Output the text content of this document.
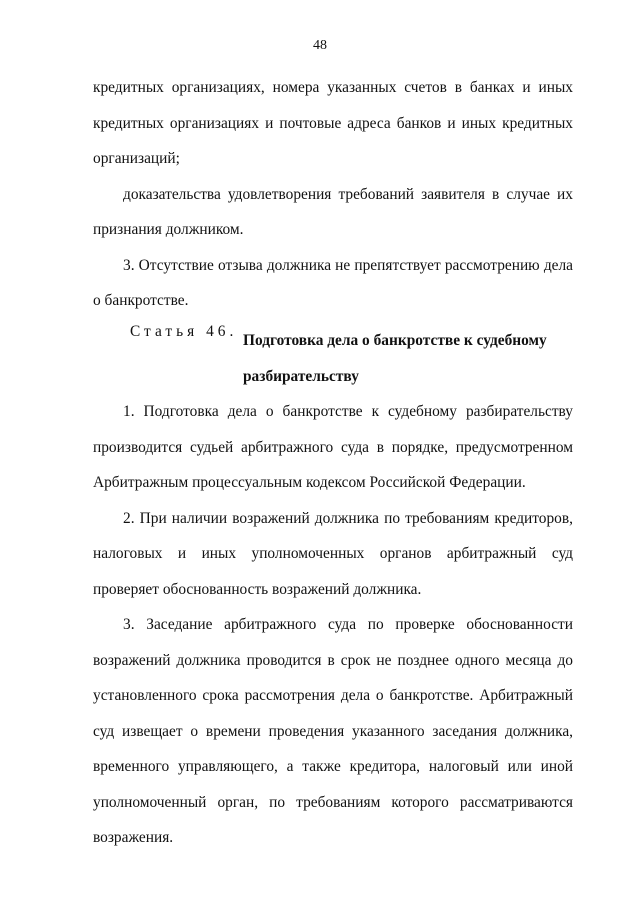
48

кредитных организациях, номера указанных счетов в банках и иных кредитных организациях и почтовые адреса банков и иных кредитных организаций;

доказательства удовлетворения требований заявителя в случае их признания должником.

3. Отсутствие отзыва должника не препятствует рассмотрению дела о банкротстве.

Статья 46.
Подготовка дела о банкротстве к судебному разбирательству

1. Подготовка дела о банкротстве к судебному разбирательству производится судьей арбитражного суда в порядке, предусмотренном Арбитражным процессуальным кодексом Российской Федерации.

2. При наличии возражений должника по требованиям кредиторов, налоговых и иных уполномоченных органов арбитражный суд проверяет обоснованность возражений должника.

3. Заседание арбитражного суда по проверке обоснованности возражений должника проводится в срок не позднее одного месяца до установленного срока рассмотрения дела о банкротстве. Арбитражный суд извещает о времени проведения указанного заседания должника, временного управляющего, а также кредитора, налоговый или иной уполномоченный орган, по требованиям которого рассматриваются возражения.
